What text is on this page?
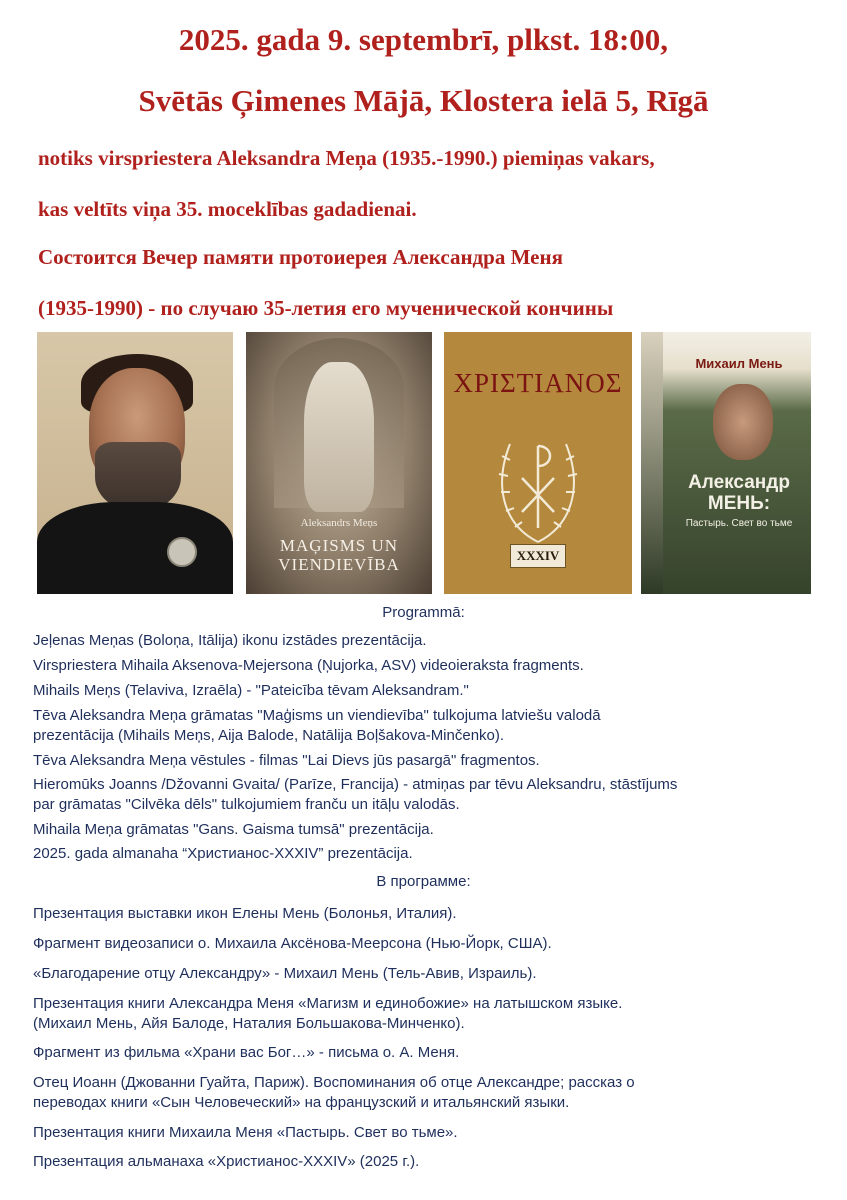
2025. gada 9. septembrī, plkst. 18:00,
Svētās Ģimenes Mājā, Klostera ielā 5, Rīgā
notiks virspriestera Aleksandra Meņa (1935.-1990.) piemiņas vakars,
kas veltīts viņa 35. moceklības gadadienai.
Состоится Вечер памяти протоиерея Александра Меня
(1935-1990) - по случаю 35-летия его мученической кончины
Aleksandrs Meņs
MAĢISMS UN
VIENDIEVĪBA
ΧΡΙΣΤΙΑΝΟΣ
XXXIV
Михаил Мень
Александр
МЕНЬ:
Пастырь. Свет во тьме
Programmā:
Jeļenas Meņas (Boloņa, Itālija) ikonu izstādes prezentācija.
Virspriestera Mihaila Aksenova-Mejersona (Ņujorka, ASV) videoieraksta fragments.
Mihails Meņs (Telaviva, Izraēla) - "Pateicība tēvam Aleksandram."
Tēva Aleksandra Meņa grāmatas "Maģisms un viendievība" tulkojuma latviešu valodā
prezentācija (Mihails Meņs, Aija Balode, Natālija Boļšakova-Minčenko).
Tēva Aleksandra Meņa vēstules - filmas "Lai Dievs jūs pasargā" fragmentos.
Hieromūks Joanns /Džovanni Gvaita/ (Parīze, Francija) - atmiņas par tēvu Aleksandru, stāstījums
par grāmatas "Cilvēka dēls" tulkojumiem franču un itāļu valodās.
Mihaila Meņa grāmatas "Gans. Gaisma tumsā" prezentācija.
2025. gada almanaha “Христианос-XXXIV” prezentācija.
В программе:
Презентация выставки икон Елены Мень (Болонья, Италия).
Фрагмент видеозаписи о. Михаила Аксёнова-Меерсона (Нью-Йорк, США).
«Благодарение отцу Александру» - Михаил Мень (Тель-Авив, Израиль).
Презентация книги Александра Меня «Магизм и единобожие» на латышском языке.
(Михаил Мень, Айя Балоде, Наталия Большакова-Минченко).
Фрагмент из фильма «Храни вас Бог…» - письма о. А. Меня.
Отец Иоанн (Джованни Гуайта, Париж). Воспоминания об отце Александре; рассказ о
переводах книги «Сын Человеческий» на французский и итальянский языки.
Презентация книги Михаила Меня «Пастырь. Свет во тьме».
Презентация альманаха «Христианос-XXXIV» (2025 г.).
